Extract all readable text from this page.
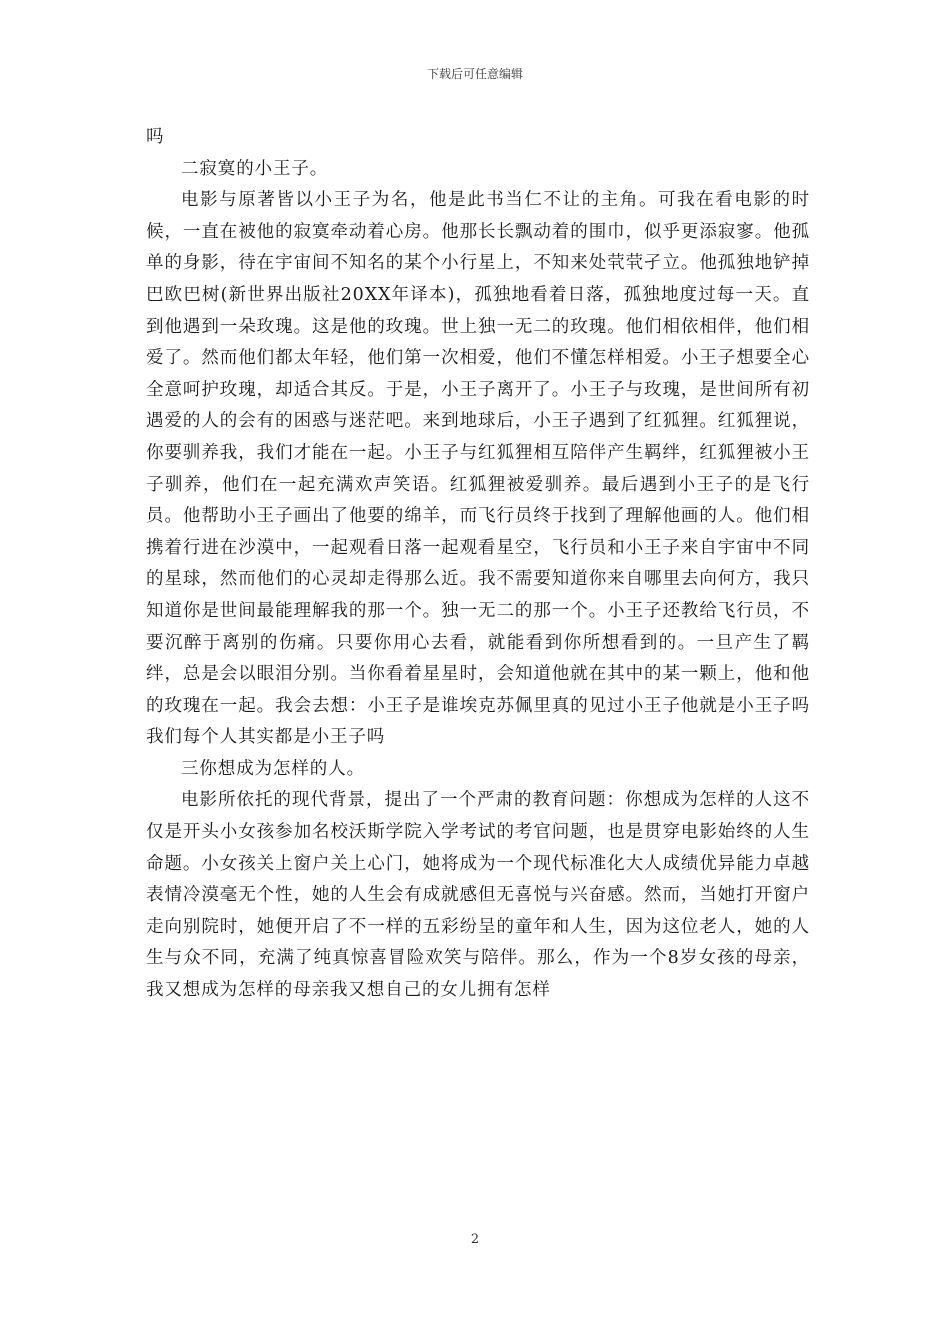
下载后可任意编辑

吗

二寂寞的小王子。

电影与原著皆以小王子为名，他是此书当仁不让的主角。可我在看电影的时候，一直在被他的寂寞牵动着心房。他那长长飘动着的围巾，似乎更添寂寥。他孤单的身影，待在宇宙间不知名的某个小行星上，不知来处茕茕孑立。他孤独地铲掉巴欧巴树(新世界出版社20XX年译本)，孤独地看着日落，孤独地度过每一天。直到他遇到一朵玫瑰。这是他的玫瑰。世上独一无二的玫瑰。他们相依相伴，他们相爱了。然而他们都太年轻，他们第一次相爱，他们不懂怎样相爱。小王子想要全心全意呵护玫瑰，却适合其反。于是，小王子离开了。小王子与玫瑰，是世间所有初遇爱的人的会有的困惑与迷茫吧。来到地球后，小王子遇到了红狐狸。红狐狸说，你要驯养我，我们才能在一起。小王子与红狐狸相互陪伴产生羁绊，红狐狸被小王子驯养，他们在一起充满欢声笑语。红狐狸被爱驯养。最后遇到小王子的是飞行员。他帮助小王子画出了他要的绵羊，而飞行员终于找到了理解他画的人。他们相携着行进在沙漠中，一起观看日落一起观看星空，飞行员和小王子来自宇宙中不同的星球，然而他们的心灵却走得那么近。我不需要知道你来自哪里去向何方，我只知道你是世间最能理解我的那一个。独一无二的那一个。小王子还教给飞行员，不要沉醉于离别的伤痛。只要你用心去看，就能看到你所想看到的。一旦产生了羁绊，总是会以眼泪分别。当你看着星星时，会知道他就在其中的某一颗上，他和他的玫瑰在一起。我会去想：小王子是谁埃克苏佩里真的见过小王子他就是小王子吗我们每个人其实都是小王子吗

三你想成为怎样的人。

电影所依托的现代背景，提出了一个严肃的教育问题：你想成为怎样的人这不仅是开头小女孩参加名校沃斯学院入学考试的考官问题，也是贯穿电影始终的人生命题。小女孩关上窗户关上心门，她将成为一个现代标准化大人成绩优异能力卓越表情冷漠毫无个性，她的人生会有成就感但无喜悦与兴奋感。然而，当她打开窗户走向别院时，她便开启了不一样的五彩纷呈的童年和人生，因为这位老人，她的人生与众不同，充满了纯真惊喜冒险欢笑与陪伴。那么，作为一个8岁女孩的母亲，我又想成为怎样的母亲我又想自己的女儿拥有怎样

2
